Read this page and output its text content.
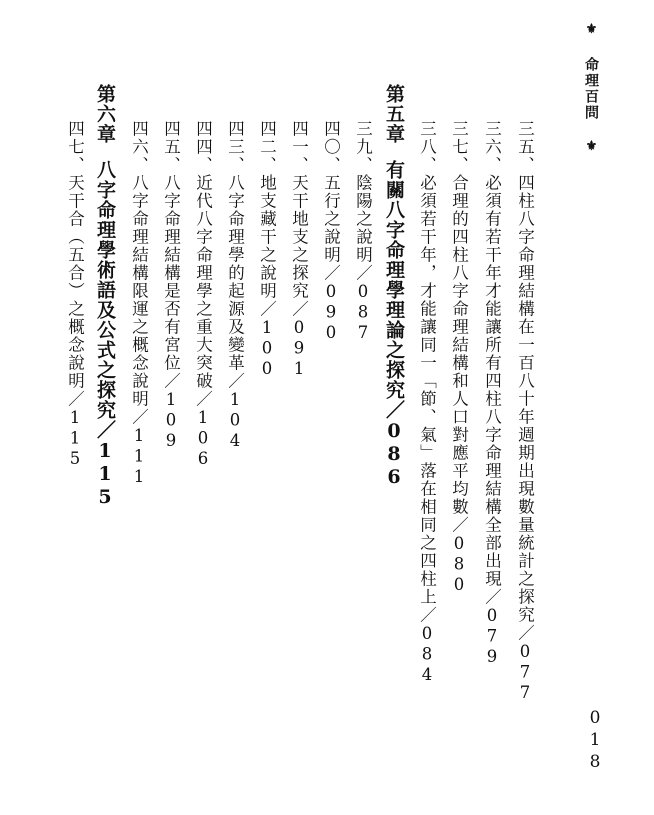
⚜ 命理百問 ⚜
018
三五、四柱八字命理結構在一百八十年週期出現數量統計之探究／077
三六、必須有若干年才能讓所有四柱八字命理結構全部出現／079
三七、合理的四柱八字命理結構和人口對應平均數／080
三八、必須若干年，才能讓同一「節、氣」落在相同之四柱上／084
第五章有關八字命理學理論之探究／086
三九、陰陽之說明／087
四〇、五行之說明／090
四一、天干地支之探究／091
四二、地支藏干之說明／100
四三、八字命理學的起源及變革／104
四四、近代八字命理學之重大突破／106
四五、八字命理結構是否有宮位／109
四六、八字命理結構限運之概念說明／111
第六章八字命理學術語及公式之探究／115
四七、天干合（五合）之概念說明／115
